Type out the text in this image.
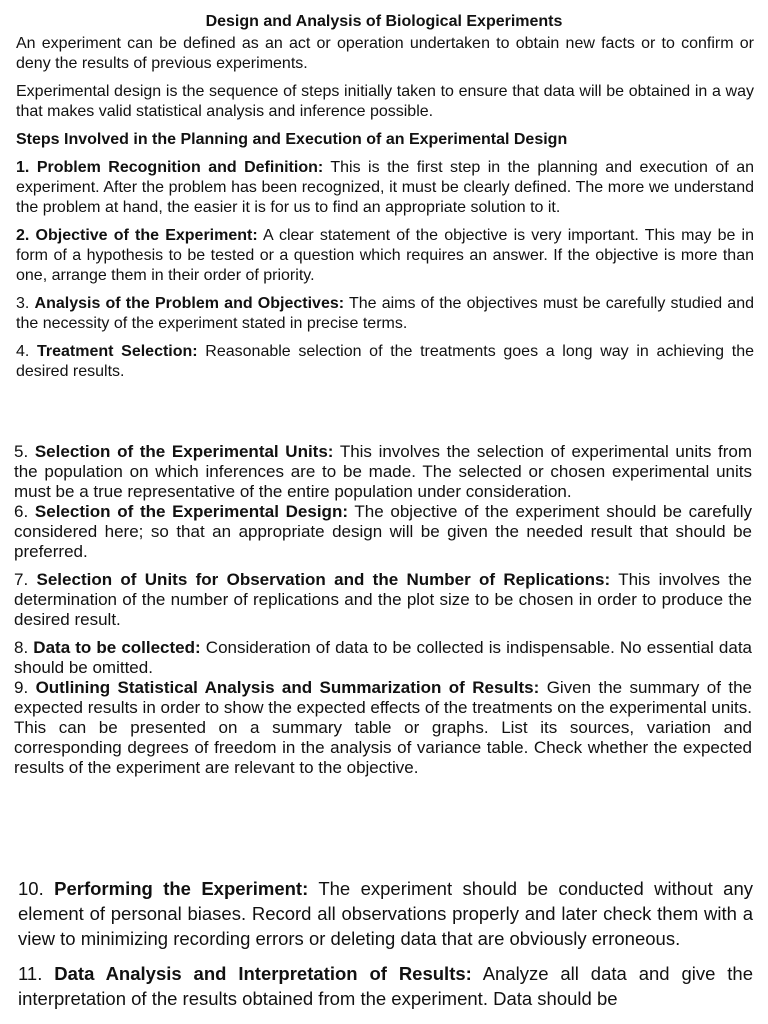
Design and Analysis of Biological Experiments

An experiment can be defined as an act or operation undertaken to obtain new facts or to confirm or deny the results of previous experiments.

Experimental design is the sequence of steps initially taken to ensure that data will be obtained in a way that makes valid statistical analysis and inference possible.

Steps Involved in the Planning and Execution of an Experimental Design

1. Problem Recognition and Definition: This is the first step in the planning and execution of an experiment. After the problem has been recognized, it must be clearly defined. The more we understand the problem at hand, the easier it is for us to find an appropriate solution to it.

2. Objective of the Experiment: A clear statement of the objective is very important. This may be in form of a hypothesis to be tested or a question which requires an answer. If the objective is more than one, arrange them in their order of priority.

3. Analysis of the Problem and Objectives: The aims of the objectives must be carefully studied and the necessity of the experiment stated in precise terms.

4. Treatment Selection: Reasonable selection of the treatments goes a long way in achieving the desired results.

5. Selection of the Experimental Units: This involves the selection of experimental units from the population on which inferences are to be made. The selected or chosen experimental units must be a true representative of the entire population under consideration.

6. Selection of the Experimental Design: The objective of the experiment should be carefully considered here; so that an appropriate design will be given the needed result that should be preferred.

7. Selection of Units for Observation and the Number of Replications: This involves the determination of the number of replications and the plot size to be chosen in order to produce the desired result.

8. Data to be collected: Consideration of data to be collected is indispensable. No essential data should be omitted.

9. Outlining Statistical Analysis and Summarization of Results: Given the summary of the expected results in order to show the expected effects of the treatments on the experimental units. This can be presented on a summary table or graphs. List its sources, variation and corresponding degrees of freedom in the analysis of variance table. Check whether the expected results of the experiment are relevant to the objective.

10. Performing the Experiment: The experiment should be conducted without any element of personal biases. Record all observations properly and later check them with a view to minimizing recording errors or deleting data that are obviously erroneous.

11. Data Analysis and Interpretation of Results: Analyze all data and give the interpretation of the results obtained from the experiment. Data should be
